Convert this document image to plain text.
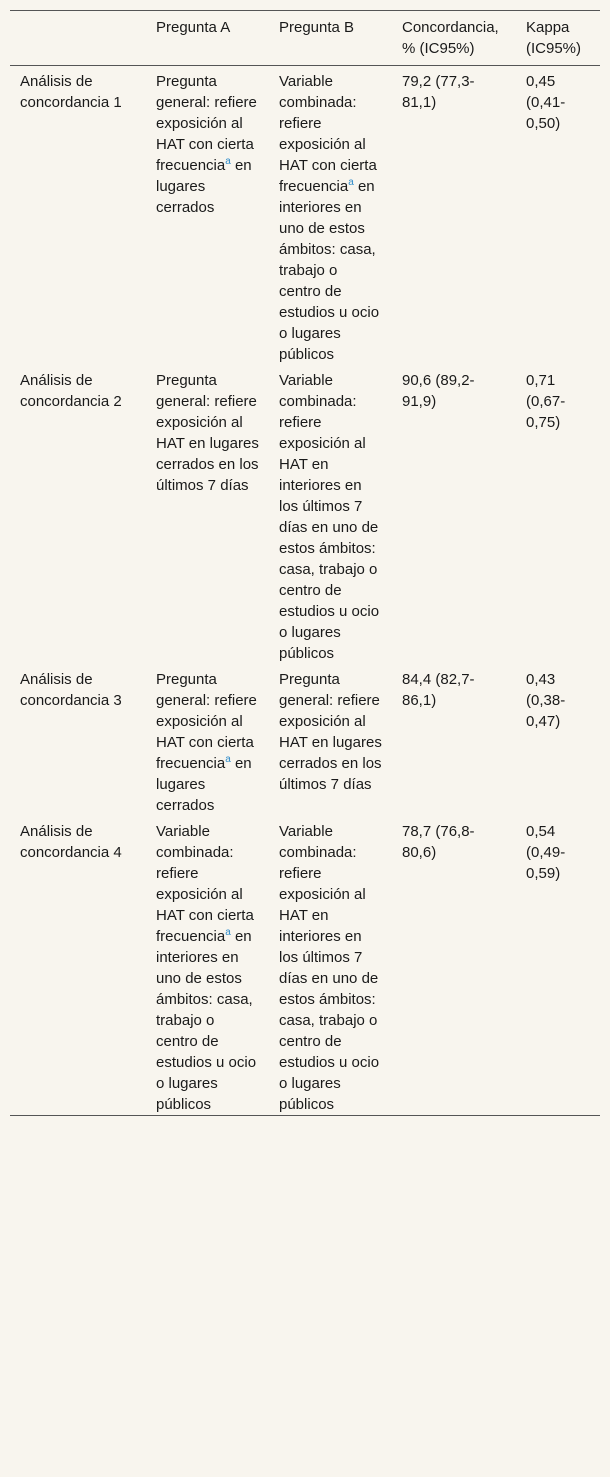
	Pregunta A	Pregunta B	Concordancia, % (IC95%)	Kappa (IC95%)
Análisis de concordancia 1	Pregunta general: refiere exposición al HAT con cierta frecuencia$^a$ en lugares cerrados	Variable combinada: refiere exposición al HAT con cierta frecuencia$^a$ en interiores en uno de estos ámbitos: casa, trabajo o centro de estudios u ocio o lugares públicos	79,2 (77,3-81,1)	0,45 (0,41-0,50)
Análisis de concordancia 2	Pregunta general: refiere exposición al HAT en lugares cerrados en los últimos 7 días	Variable combinada: refiere exposición al HAT en interiores en los últimos 7 días en uno de estos ámbitos: casa, trabajo o centro de estudios u ocio o lugares públicos	90,6 (89,2-91,9)	0,71 (0,67-0,75)
Análisis de concordancia 3	Pregunta general: refiere exposición al HAT con cierta frecuencia$^a$ en lugares cerrados	Pregunta general: refiere exposición al HAT en lugares cerrados en los últimos 7 días	84,4 (82,7-86,1)	0,43 (0,38-0,47)
Análisis de concordancia 4	Variable combinada: refiere exposición al HAT con cierta frecuencia$^a$ en interiores en uno de estos ámbitos: casa, trabajo o centro de estudios u ocio o lugares públicos	Variable combinada: refiere exposición al HAT en interiores en los últimos 7 días en uno de estos ámbitos: casa, trabajo o centro de estudios u ocio o lugares públicos	78,7 (76,8-80,6)	0,54 (0,49-0,59)
